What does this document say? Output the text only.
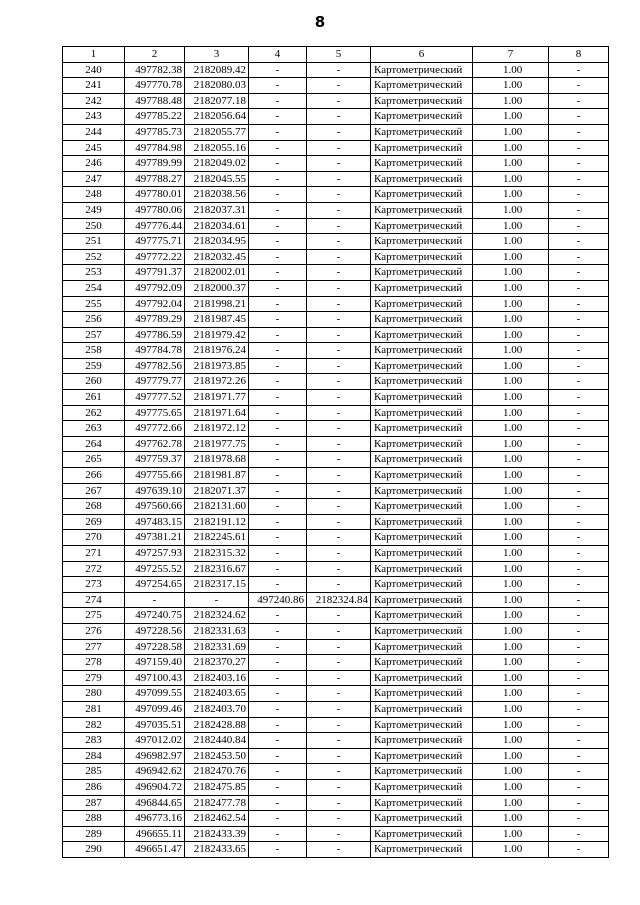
8
1	2	3	4	5	6	7	8
240	497782.38	2182089.42	-	-	Картометрический	1.00	-
241	497770.78	2182080.03	-	-	Картометрический	1.00	-
242	497788.48	2182077.18	-	-	Картометрический	1.00	-
243	497785.22	2182056.64	-	-	Картометрический	1.00	-
244	497785.73	2182055.77	-	-	Картометрический	1.00	-
245	497784.98	2182055.16	-	-	Картометрический	1.00	-
246	497789.99	2182049.02	-	-	Картометрический	1.00	-
247	497788.27	2182045.55	-	-	Картометрический	1.00	-
248	497780.01	2182038.56	-	-	Картометрический	1.00	-
249	497780.06	2182037.31	-	-	Картометрический	1.00	-
250	497776.44	2182034.61	-	-	Картометрический	1.00	-
251	497775.71	2182034.95	-	-	Картометрический	1.00	-
252	497772.22	2182032.45	-	-	Картометрический	1.00	-
253	497791.37	2182002.01	-	-	Картометрический	1.00	-
254	497792.09	2182000.37	-	-	Картометрический	1.00	-
255	497792.04	2181998.21	-	-	Картометрический	1.00	-
256	497789.29	2181987.45	-	-	Картометрический	1.00	-
257	497786.59	2181979.42	-	-	Картометрический	1.00	-
258	497784.78	2181976.24	-	-	Картометрический	1.00	-
259	497782.56	2181973.85	-	-	Картометрический	1.00	-
260	497779.77	2181972.26	-	-	Картометрический	1.00	-
261	497777.52	2181971.77	-	-	Картометрический	1.00	-
262	497775.65	2181971.64	-	-	Картометрический	1.00	-
263	497772.66	2181972.12	-	-	Картометрический	1.00	-
264	497762.78	2181977.75	-	-	Картометрический	1.00	-
265	497759.37	2181978.68	-	-	Картометрический	1.00	-
266	497755.66	2181981.87	-	-	Картометрический	1.00	-
267	497639.10	2182071.37	-	-	Картометрический	1.00	-
268	497560.66	2182131.60	-	-	Картометрический	1.00	-
269	497483.15	2182191.12	-	-	Картометрический	1.00	-
270	497381.21	2182245.61	-	-	Картометрический	1.00	-
271	497257.93	2182315.32	-	-	Картометрический	1.00	-
272	497255.52	2182316.67	-	-	Картометрический	1.00	-
273	497254.65	2182317.15	-	-	Картометрический	1.00	-
274	-	-	497240.86	2182324.84	Картометрический	1.00	-
275	497240.75	2182324.62	-	-	Картометрический	1.00	-
276	497228.56	2182331.63	-	-	Картометрический	1.00	-
277	497228.58	2182331.69	-	-	Картометрический	1.00	-
278	497159.40	2182370.27	-	-	Картометрический	1.00	-
279	497100.43	2182403.16	-	-	Картометрический	1.00	-
280	497099.55	2182403.65	-	-	Картометрический	1.00	-
281	497099.46	2182403.70	-	-	Картометрический	1.00	-
282	497035.51	2182428.88	-	-	Картометрический	1.00	-
283	497012.02	2182440.84	-	-	Картометрический	1.00	-
284	496982.97	2182453.50	-	-	Картометрический	1.00	-
285	496942.62	2182470.76	-	-	Картометрический	1.00	-
286	496904.72	2182475.85	-	-	Картометрический	1.00	-
287	496844.65	2182477.78	-	-	Картометрический	1.00	-
288	496773.16	2182462.54	-	-	Картометрический	1.00	-
289	496655.11	2182433.39	-	-	Картометрический	1.00	-
290	496651.47	2182433.65	-	-	Картометрический	1.00	-
